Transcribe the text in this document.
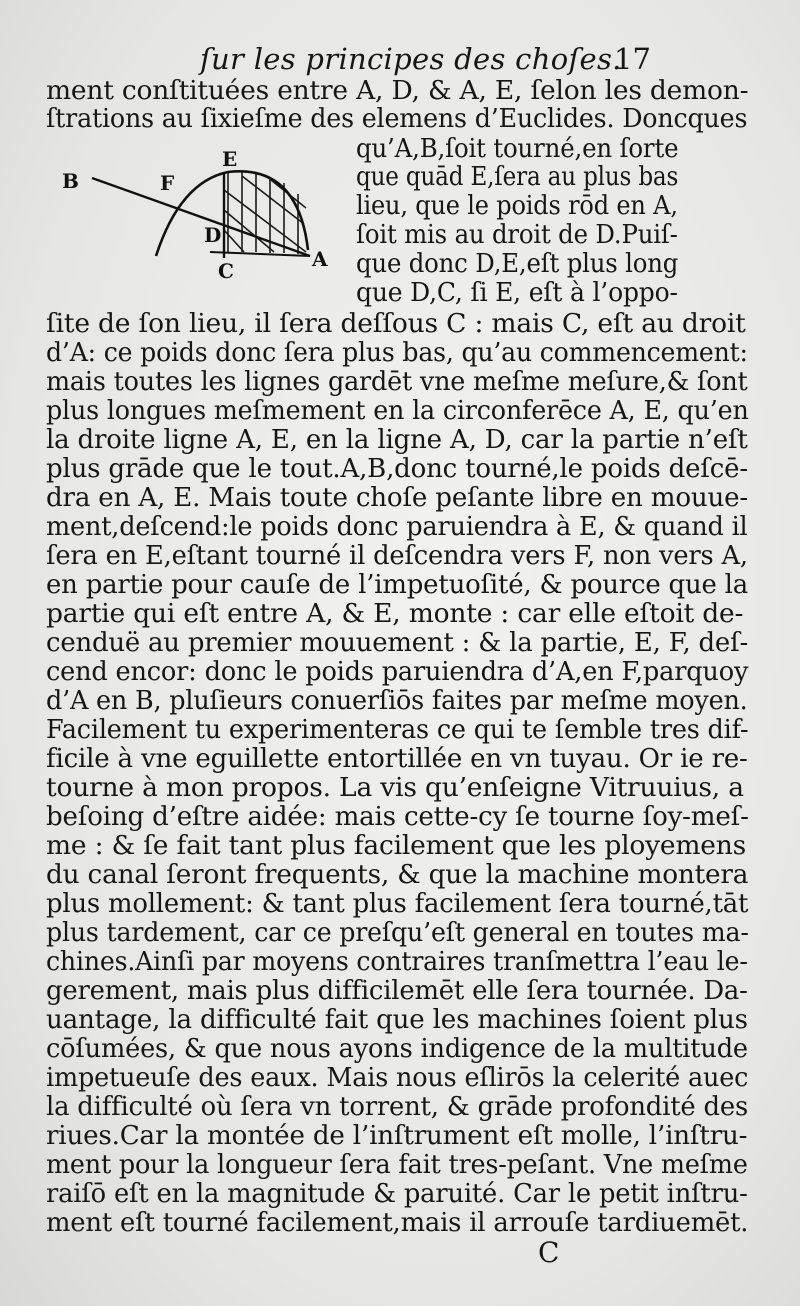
ſur les principes des choſes.
17
B	F
E
D
C	A
ment conſtituées entre A, D, & A, E, ſelon les demon-
ſtrations au ſixieſme des elemens d’Euclides. Doncques
qu’A,B,ſoit tourné,en ſorte
que quād E,ſera au plus bas
lieu, que le poids rōd en A,
ſoit mis au droit de D.Puiſ-
que donc D,E,eſt plus long
que D,C, ſi E, eſt à l’oppo-
ſite de ſon lieu, il ſera deſſous C : mais C, eſt au droit
d’A: ce poids donc ſera plus bas, qu’au commencement:
mais toutes les lignes gardēt vne meſme meſure,& ſont
plus longues meſmement en la circonferēce A, E, qu’en
la droite ligne A, E, en la ligne A, D, car la partie n’eſt
plus grāde que le tout.A,B,donc tourné,le poids deſcē-
dra en A, E. Mais toute choſe peſante libre en mouue-
ment,deſcend:le poids donc paruiendra à E, & quand il
ſera en E,eſtant tourné il deſcendra vers F, non vers A,
en partie pour cauſe de l’impetuoſité, & pource que la
partie qui eſt entre A, & E, monte : car elle eſtoit de-
cenduë au premier mouuement : & la partie, E, F, deſ-
cend encor: donc le poids paruiendra d’A,en F,parquoy
d’A en B, pluſieurs conuerſiōs faites par meſme moyen.
Facilement tu experimenteras ce qui te ſemble tres dif-
ficile à vne eguillette entortillée en vn tuyau. Or ie re-
tourne à mon propos. La vis qu’enſeigne Vitruuius, a
beſoing d’eſtre aidée: mais cette-cy ſe tourne ſoy-meſ-
me : & ſe fait tant plus facilement que les ployemens
du canal ſeront frequents, & que la machine montera
plus mollement: & tant plus facilement ſera tourné,tāt
plus tardement, car ce preſqu’eſt general en toutes ma-
chines.Ainſi par moyens contraires tranſmettra l’eau le-
gerement, mais plus difficilemēt elle ſera tournée. Da-
uantage, la difficulté fait que les machines ſoient plus
cōſumées, & que nous ayons indigence de la multitude
impetueuſe des eaux. Mais nous eſlirōs la celerité auec
la difficulté où ſera vn torrent, & grāde profondité des
riues.Car la montée de l’inſtrument eſt molle, l’inſtru-
ment pour la longueur ſera fait tres-peſant. Vne meſme
raiſō eſt en la magnitude & paruité. Car le petit inſtru-
ment eſt tourné facilement,mais il arrouſe tardiuemēt.
C
